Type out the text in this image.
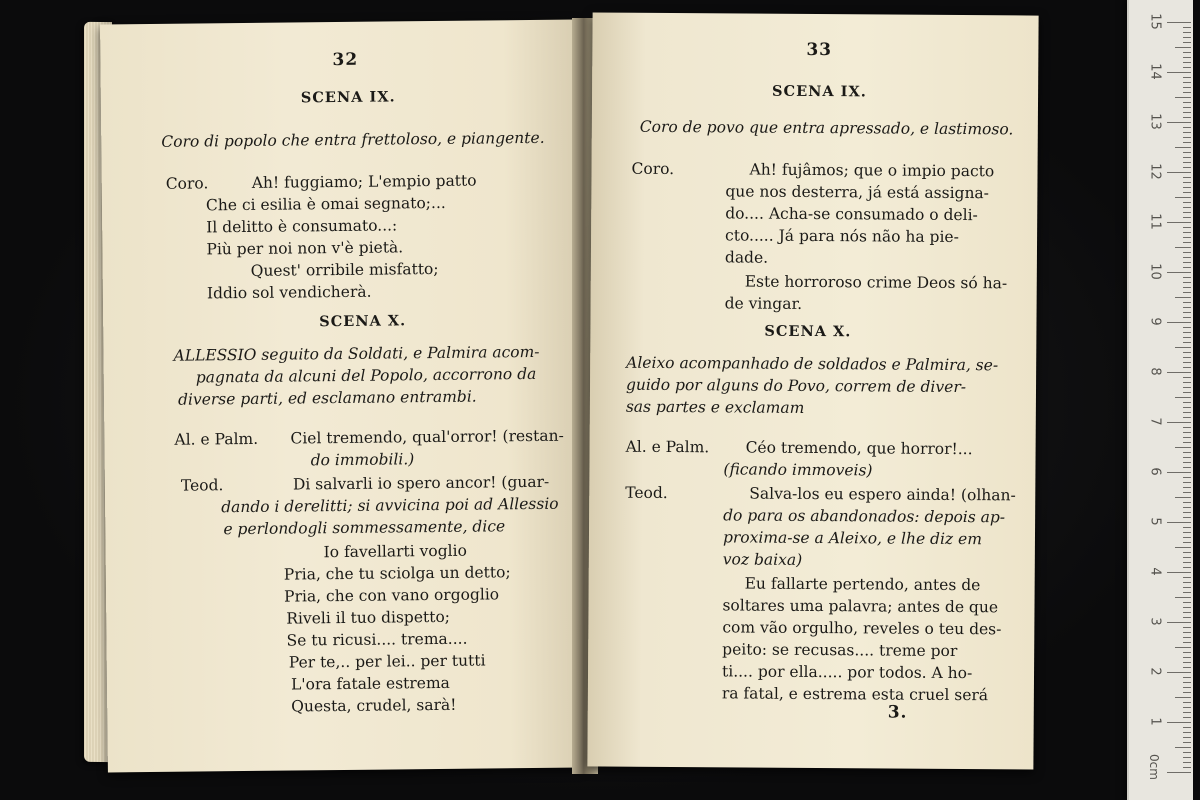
32
SCENA IX.
Coro di popolo che entra frettoloso, e piangente.
Coro.	Ah! fuggiamo; L'empio patto
Che ci esilia è omai segnato;...
Il delitto è consumato...:
Più per noi non v'è pietà.
Quest' orribile misfatto;
Iddio sol vendicherà.
SCENA X.
ALLESSIO seguito da Soldati, e Palmira acom-
pagnata da alcuni del Popolo, accorrono da
diverse parti, ed esclamano entrambi.
Al. e Palm. Ciel tremendo, qual'orror! (restan-
do immobili.)
Teod.	Di salvarli io spero ancor! (guar-
dando i derelitti; si avvicina poi ad Allessio
e perlondogli sommessamente, dice
Io favellarti voglio
Pria, che tu sciolga un detto;
Pria, che con vano orgoglio
Riveli il tuo dispetto;
Se tu ricusi.... trema....
Per te,.. per lei.. per tutti
L'ora fatale estrema
Questa, crudel, sarà!
33
SCENA IX.
Coro de povo que entra apressado, e lastimoso.
Coro.	Ah! fujâmos; que o impio pacto
que nos desterra, já está assigna-
do.... Acha-se consumado o deli-
cto..... Já para nós não ha pie-
dade.
Este horroroso crime Deos só ha-
de vingar.
SCENA X.
Aleixo acompanhado de soldados e Palmira, se-
guido por alguns do Povo, correm de diver-
sas partes e exclamam
Al. e Palm. Céo tremendo, que horror!...
(ficando immoveis)
Teod.	Salva-los eu espero ainda! (olhan-
do para os abandonados: depois ap-
proxima-se a Aleixo, e lhe diz em
voz baixa)
Eu fallarte pertendo, antes de
soltares uma palavra; antes de que
com vão orgulho, reveles o teu des-
peito: se recusas.... treme por
ti.... por ella..... por todos. A ho-
ra fatal, e estrema esta cruel será
3.
0cm
15
14
13
12
11
10
9
8
7
6
5
4
3
2
1
